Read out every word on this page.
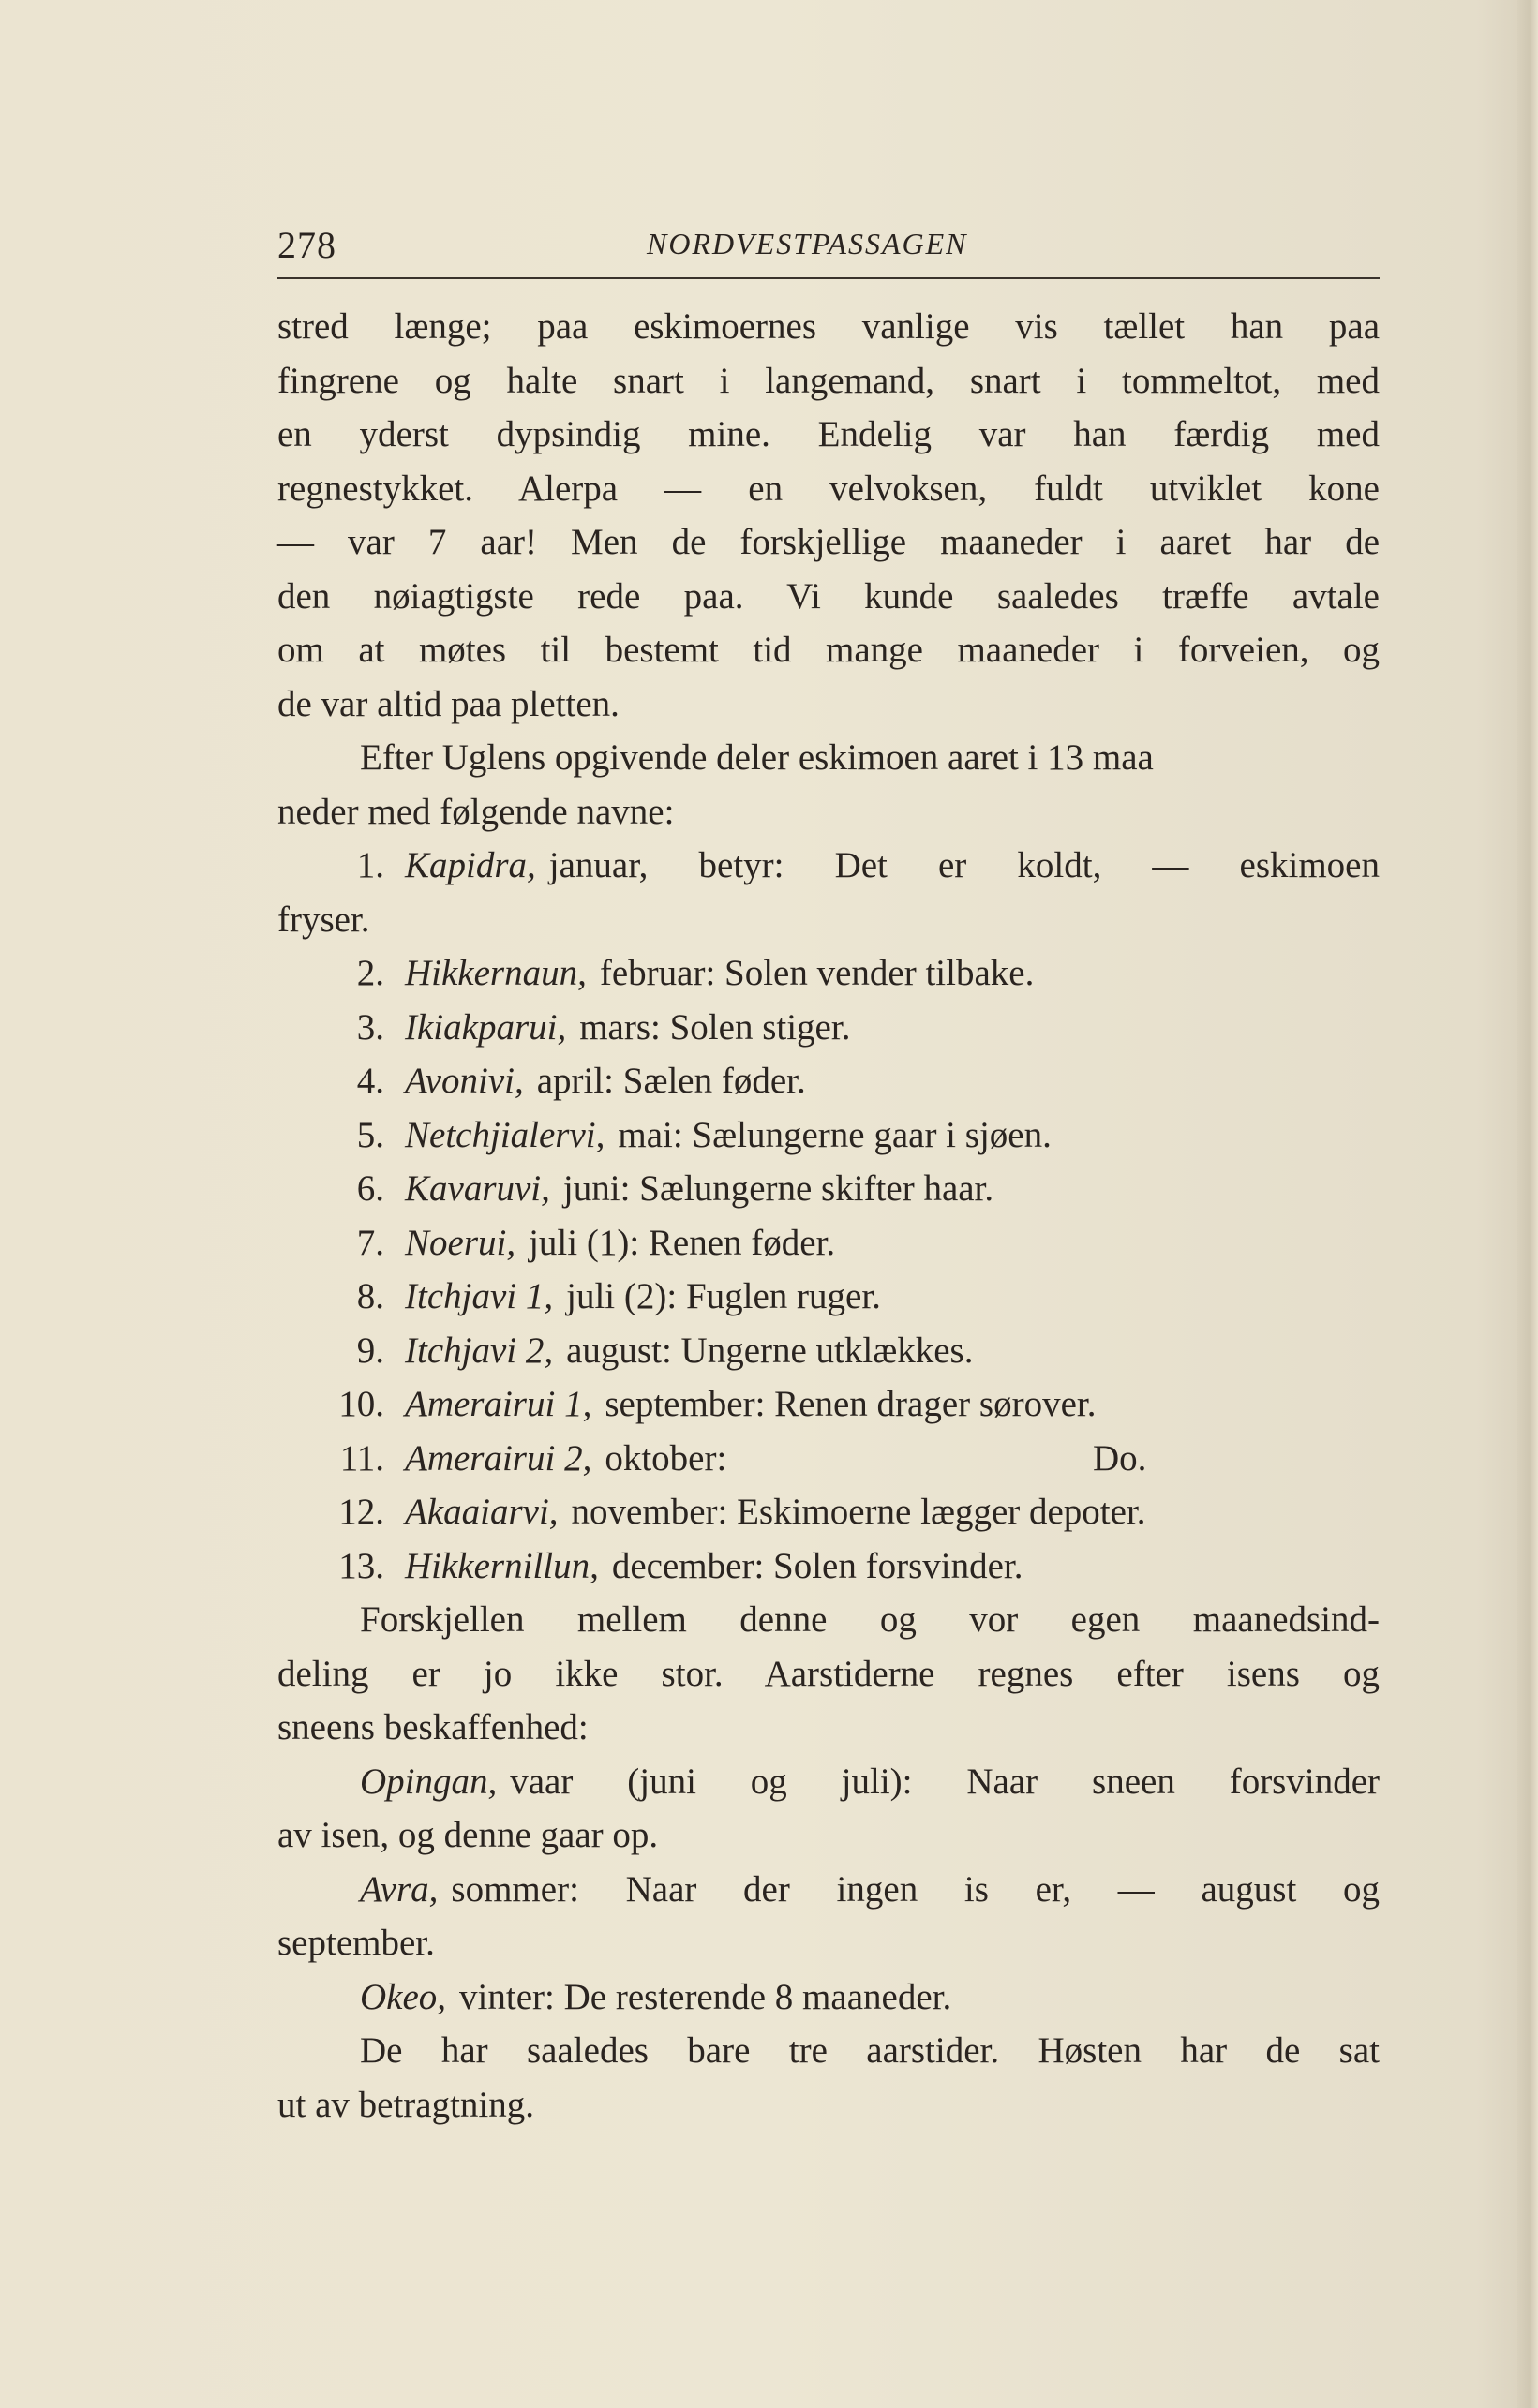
278	NORDVESTPASSAGEN

stred længe; paa eskimoernes vanlige vis tællet han paa

fingrene og halte snart i langemand, snart i tommeltot, med

en yderst dypsindig mine. Endelig var han færdig med

regnestykket. Alerpa — en velvoksen, fuldt utviklet kone

— var 7 aar! Men de forskjellige maaneder i aaret har de

den nøiagtigste rede paa. Vi kunde saaledes træffe avtale

om at møtes til bestemt tid mange maaneder i forveien, og

de var altid paa pletten.

Efter Uglens opgivende deler eskimoen aaret i 13 maa

neder med følgende navne:

1. Kapidra, januar, betyr: Det er koldt, — eskimoen

fryser.

2. Hikkernaun, februar: Solen vender tilbake.
3. Ikiakparui, mars: Solen stiger.
4. Avonivi, april: Sælen føder.
5. Netchjialervi, mai: Sælungerne gaar i sjøen.
6. Kavaruvi, juni: Sælungerne skifter haar.
7. Noerui, juli (1): Renen føder.
8. Itchjavi 1, juli (2): Fuglen ruger.
9. Itchjavi 2, august: Ungerne utklækkes.
10. Amerairui 1, september: Renen drager sørover.
11. Amerairui 2, oktober:	Do.
12. Akaaiarvi, november: Eskimoerne lægger depoter.
13. Hikkernillun, december: Solen forsvinder.

Forskjellen mellem denne og vor egen maanedsind-

deling er jo ikke stor. Aarstiderne regnes efter isens og

sneens beskaffenhed:

Opingan, vaar (juni og juli): Naar sneen forsvinder

av isen, og denne gaar op.

Avra, sommer: Naar der ingen is er, — august og

september.

Okeo, vinter: De resterende 8 maaneder.

De har saaledes bare tre aarstider. Høsten har de sat

ut av betragtning.
